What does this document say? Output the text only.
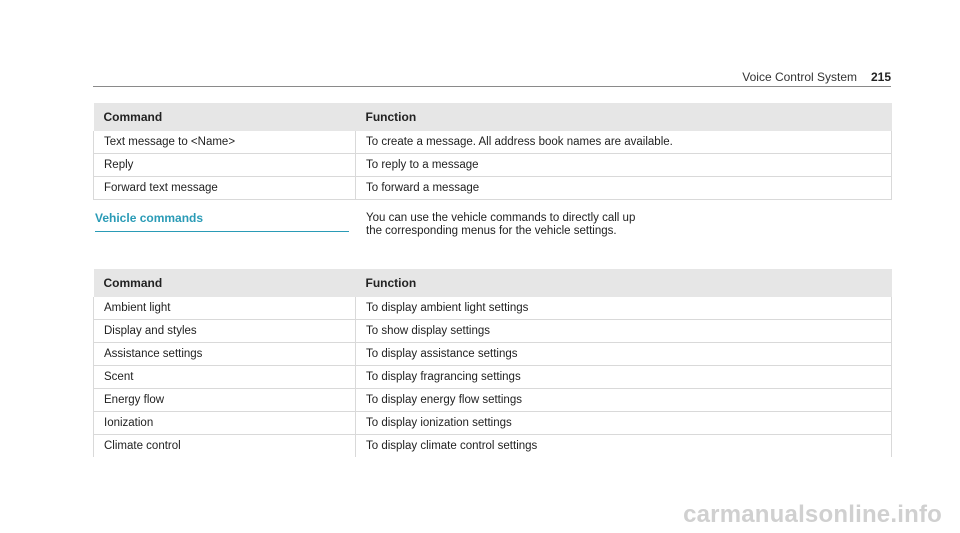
Voice Control System 215
Command	Function
Text message to <Name>	To create a message. All address book names are available.
Reply	To reply to a message
Forward text message	To forward a message
Vehicle commands	You can use the vehicle commands to directly call up the corresponding menus for the vehicle settings.
Command	Function
Ambient light	To display ambient light settings
Display and styles	To show display settings
Assistance settings	To display assistance settings
Scent	To display fragrancing settings
Energy flow	To display energy flow settings
Ionization	To display ionization settings
Climate control	To display climate control settings
carmanualsonline.info
